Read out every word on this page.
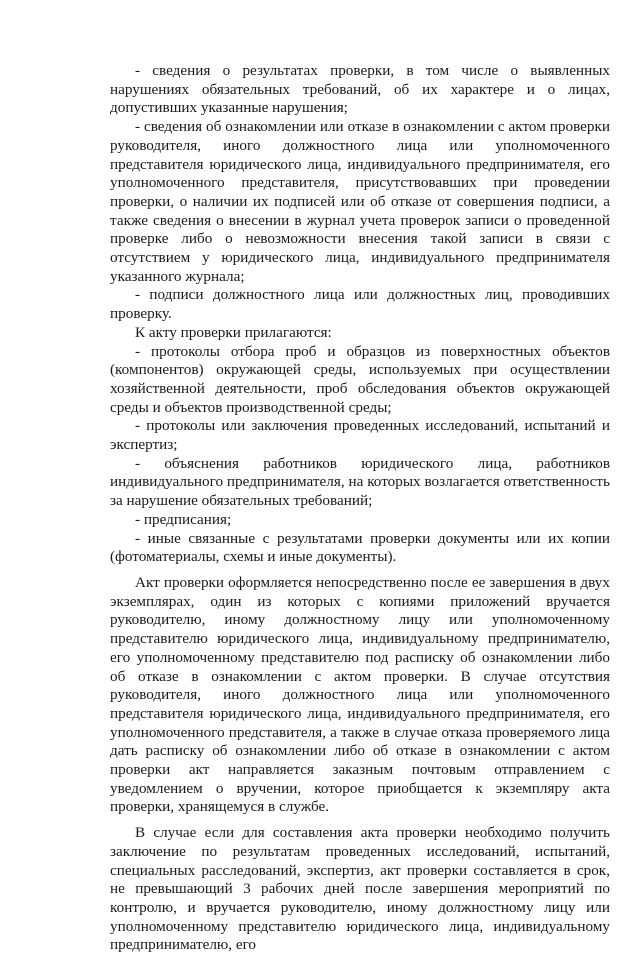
- сведения о результатах проверки, в том числе о выявленных нарушениях обязательных требований, об их характере и о лицах, допустивших указанные нарушения;

- сведения об ознакомлении или отказе в ознакомлении с актом проверки руководителя, иного должностного лица или уполномоченного представителя юридического лица, индивидуального предпринимателя, его уполномоченного представителя, присутствовавших при проведении проверки, о наличии их подписей или об отказе от совершения подписи, а также сведения о внесении в журнал учета проверок записи о проведенной проверке либо о невозможности внесения такой записи в связи с отсутствием у юридического лица, индивидуального предпринимателя указанного журнала;

- подписи должностного лица или должностных лиц, проводивших проверку.

К акту проверки прилагаются:

- протоколы отбора проб и образцов из поверхностных объектов (компонентов) окружающей среды, используемых при осуществлении хозяйственной деятельности, проб обследования объектов окружающей среды и объектов производственной среды;

- протоколы или заключения проведенных исследований, испытаний и экспертиз;

- объяснения работников юридического лица, работников индивидуального предпринимателя, на которых возлагается ответственность за нарушение обязательных требований;

- предписания;

- иные связанные с результатами проверки документы или их копии (фотоматериалы, схемы и иные документы).

Акт проверки оформляется непосредственно после ее завершения в двух экземплярах, один из которых с копиями приложений вручается руководителю, иному должностному лицу или уполномоченному представителю юридического лица, индивидуальному предпринимателю, его уполномоченному представителю под расписку об ознакомлении либо об отказе в ознакомлении с актом проверки. В случае отсутствия руководителя, иного должностного лица или уполномоченного представителя юридического лица, индивидуального предпринимателя, его уполномоченного представителя, а также в случае отказа проверяемого лица дать расписку об ознакомлении либо об отказе в ознакомлении с актом проверки акт направляется заказным почтовым отправлением с уведомлением о вручении, которое приобщается к экземпляру акта проверки, хранящемуся в службе.

В случае если для составления акта проверки необходимо получить заключение по результатам проведенных исследований, испытаний, специальных расследований, экспертиз, акт проверки составляется в срок, не превышающий 3 рабочих дней после завершения мероприятий по контролю, и вручается руководителю, иному должностному лицу или уполномоченному представителю юридического лица, индивидуальному предпринимателю, его
